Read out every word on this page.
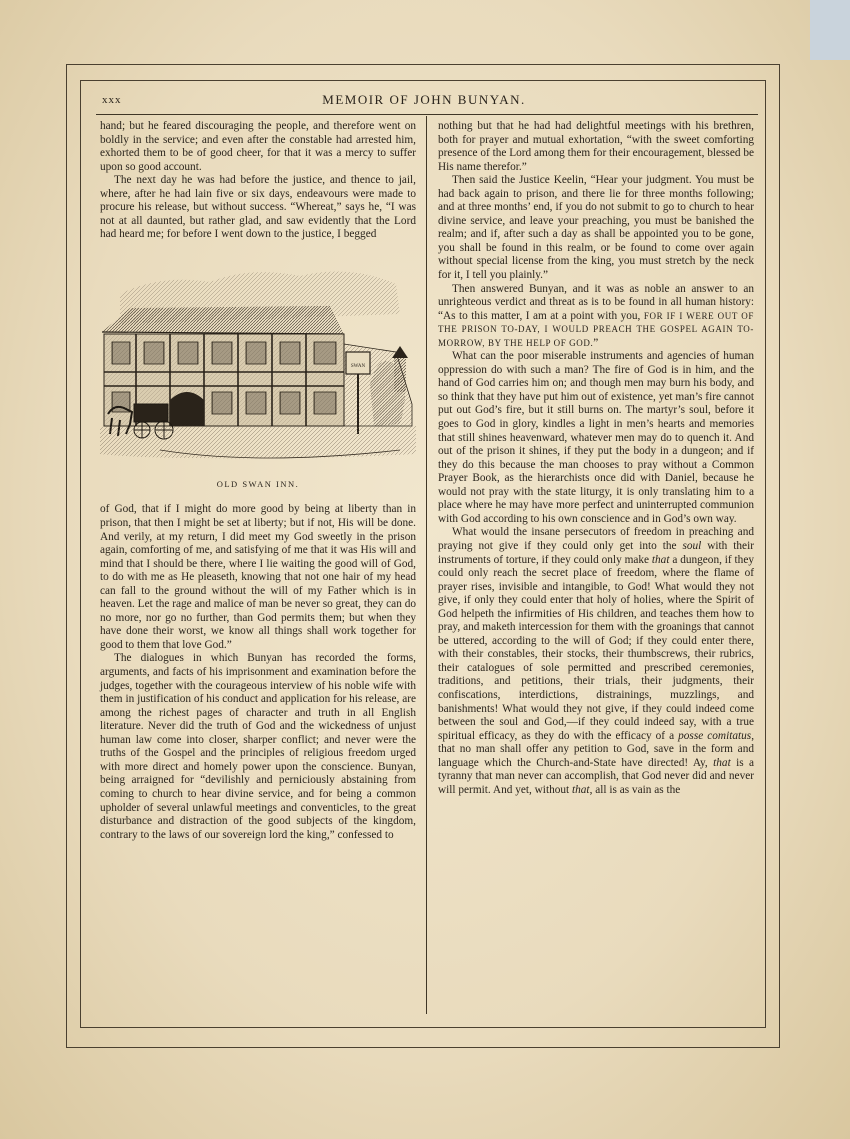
xxx	MEMOIR OF JOHN BUNYAN.

hand; but he feared discouraging the people, and therefore went on boldly in the service; and even after the constable had arrested him, exhorted them to be of good cheer, for that it was a mercy to suffer upon so good account.

The next day he was had before the justice, and thence to jail, where, after he had lain five or six days, endeavours were made to procure his release, but without success. “Whereat,” says he, “I was not at all daunted, but rather glad, and saw evidently that the Lord had heard me; for before I went down to the justice, I begged

SWAN
OLD SWAN INN.

of God, that if I might do more good by being at liberty than in prison, that then I might be set at liberty; but if not, His will be done. And verily, at my return, I did meet my God sweetly in the prison again, comforting of me, and satisfying of me that it was His will and mind that I should be there, where I lie waiting the good will of God, to do with me as He pleaseth, knowing that not one hair of my head can fall to the ground without the will of my Father which is in heaven. Let the rage and malice of man be never so great, they can do no more, nor go no further, than God permits them; but when they have done their worst, we know all things shall work together for good to them that love God.”

The dialogues in which Bunyan has recorded the forms, arguments, and facts of his imprisonment and examination before the judges, together with the courageous interview of his noble wife with them in justification of his conduct and application for his release, are among the richest pages of character and truth in all English literature. Never did the truth of God and the wickedness of unjust human law come into closer, sharper conflict; and never were the truths of the Gospel and the principles of religious freedom urged with more direct and homely power upon the conscience. Bunyan, being arraigned for “devilishly and perniciously abstaining from coming to church to hear divine service, and for being a common upholder of several unlawful meetings and conventicles, to the great disturbance and distraction of the good subjects of the kingdom, contrary to the laws of our sovereign lord the king,” confessed to

nothing but that he had had delightful meetings with his brethren, both for prayer and mutual exhortation, “with the sweet comforting presence of the Lord among them for their encouragement, blessed be His name therefor.”

Then said the Justice Keelin, “Hear your judgment. You must be had back again to prison, and there lie for three months following; and at three months’ end, if you do not submit to go to church to hear divine service, and leave your preaching, you must be banished the realm; and if, after such a day as shall be appointed you to be gone, you shall be found in this realm, or be found to come over again without special license from the king, you must stretch by the neck for it, I tell you plainly.”

Then answered Bunyan, and it was as noble an answer to an unrighteous verdict and threat as is to be found in all human history: “As to this matter, I am at a point with you, FOR IF I WERE OUT OF THE PRISON TO-DAY, I WOULD PREACH THE GOSPEL AGAIN TO-MORROW, BY THE HELP OF GOD.”

What can the poor miserable instruments and agencies of human oppression do with such a man? The fire of God is in him, and the hand of God carries him on; and though men may burn his body, and so think that they have put him out of existence, yet man’s fire cannot put out God’s fire, but it still burns on. The martyr’s soul, before it goes to God in glory, kindles a light in men’s hearts and memories that still shines heavenward, whatever men may do to quench it. And out of the prison it shines, if they put the body in a dungeon; and if they do this because the man chooses to pray without a Common Prayer Book, as the hierarchists once did with Daniel, because he would not pray with the state liturgy, it is only translating him to a place where he may have more perfect and uninterrupted communion with God according to his own conscience and in God’s own way.

What would the insane persecutors of freedom in preaching and praying not give if they could only get into the soul with their instruments of torture, if they could only make that a dungeon, if they could only reach the secret place of freedom, where the flame of prayer rises, invisible and intangible, to God! What would they not give, if only they could enter that holy of holies, where the Spirit of God helpeth the infirmities of His children, and teaches them how to pray, and maketh intercession for them with the groanings that cannot be uttered, according to the will of God; if they could enter there, with their constables, their stocks, their thumbscrews, their rubrics, their catalogues of sole permitted and prescribed ceremonies, traditions, and petitions, their trials, their judgments, their confiscations, interdictions, distrainings, muzzlings, and banishments! What would they not give, if they could indeed come between the soul and God,—if they could indeed say, with a true spiritual efficacy, as they do with the efficacy of a posse comitatus, that no man shall offer any petition to God, save in the form and language which the Church-and-State have directed! Ay, that is a tyranny that man never can accomplish, that God never did and never will permit. And yet, without that, all is as vain as the
